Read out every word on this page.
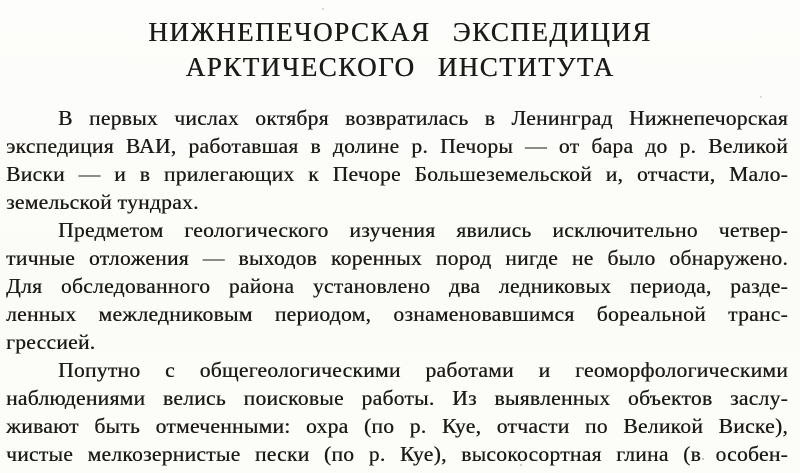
НИЖНЕПЕЧОРСКАЯ ЭКСПЕДИЦИЯ
АРКТИЧЕСКОГО ИНСТИТУТА
В первых числах октября возвратилась в Ленинград Нижнепечорская
экспедиция ВАИ, работавшая в долине р. Печоры — от бара до р. Великой
Виски — и в прилегающих к Печоре Большеземельской и, отчасти, Мало-
земельской тундрах.
Предметом геологического изучения явились исключительно четвер-
тичные отложения — выходов коренных пород нигде не было обнаружено.
Для обследованного района установлено два ледниковых периода, разде-
ленных межледниковым периодом, ознаменовавшимся бореальной транс-
грессией.
Попутно с общегеологическими работами и геоморфологическими
наблюдениями велись поисковые работы. Из выявленных объектов заслу-
живают быть отмеченными: охра (по р. Куе, отчасти по Великой Виске),
чистые мелкозернистые пески (по р. Куе), высокосортная глина (в особен-
